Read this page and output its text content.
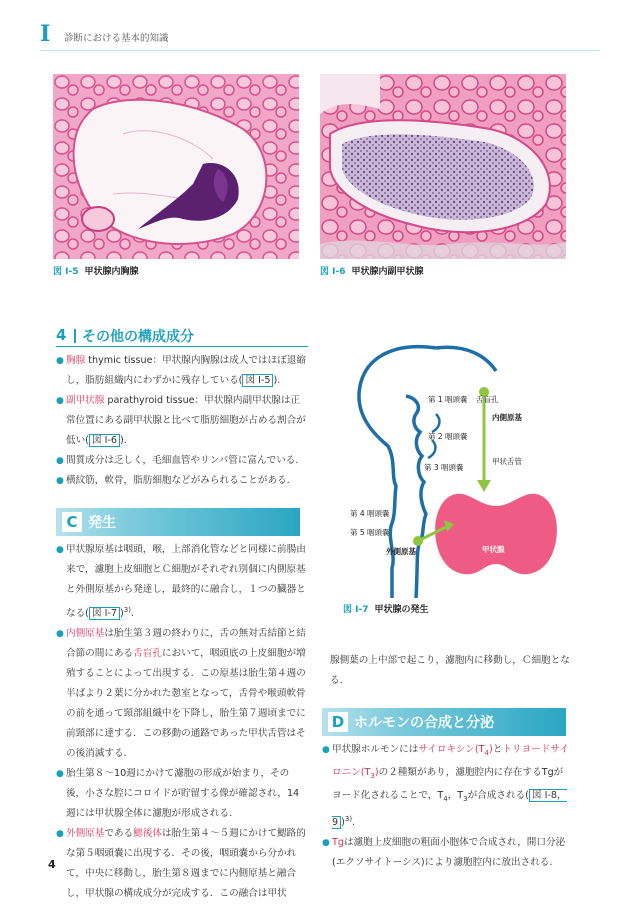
I	診断における基本的知識
図 I-5 甲状腺内胸腺	図 I-6 甲状腺内副甲状腺
4 その他の構成成分

● 胸腺 thymic tissue：甲状腺内胸腺は成人ではほぼ退縮し，脂肪組織内にわずかに残存している( 図 I-5 ).

● 副甲状腺 parathyroid tissue：甲状腺内副甲状腺は正常位置にある副甲状腺と比べて脂肪細胞が占める割合が低い( 図 I-6 ).

● 間質成分は乏しく，毛細血管やリンパ管に富んでいる.

● 横紋筋，軟骨，脂肪細胞などがみられることがある.

C 発生

● 甲状腺原基は咽頭，喉，上部消化管などと同様に前腸由来で，濾胞上皮細胞とＣ細胞がそれぞれ別個に内側原基と外側原基から発達し，最終的に融合し，１つの臓器となる( 図 I-7 )$^{3)}$.

● 内側原基は胎生第３週の終わりに，舌の無対舌結節と結合節の間にある舌盲孔において，咽頭底の上皮細胞が増殖することによって出現する．この原基は胎生第４週の半ばより２葉に分かれた憩室となって，舌骨や喉頭軟骨の前を通って頸部組織中を下降し，胎生第７週頃までに前頸部に達する．この移動の通路であった甲状舌管はその後消滅する.

● 胎生第８〜10週にかけて濾胞の形成が始まり，その後，小さな腔にコロイドが貯留する像が確認され，14週には甲状腺全体に濾胞が形成される.

● 外側原基である鰓後体は胎生第４〜５週にかけて鰓路的な第５咽頭嚢に出現する．その後，咽頭嚢から分かれて，中央に移動し，胎生第８週までに内側原基と融合し，甲状腺の構成成分が完成する．この融合は甲状

第 1 咽頭嚢 舌盲孔
内側原基
第 2 咽頭嚢
第 3 咽頭嚢
甲状舌管
第 4 咽頭嚢
第 5 咽頭嚢
外側原基	甲状腺
図 I-7 甲状腺の発生

腺側葉の上中部で起こり，濾胞内に移動し，Ｃ細胞となる.

D ホルモンの合成と分泌

● 甲状腺ホルモンにはサイロキシン$(T_4)$とトリヨードサイロニン$(T_3)$の２種類があり，濾胞腔内に存在するTgがヨード化されることで，$T_4$，$T_3$が合成される( 図 I-8，9 )$^{3)}$.

● Tgは濾胞上皮細胞の粗面小胞体で合成され，開口分泌(エクソサイトーシス)により濾胞腔内に放出される.

4
